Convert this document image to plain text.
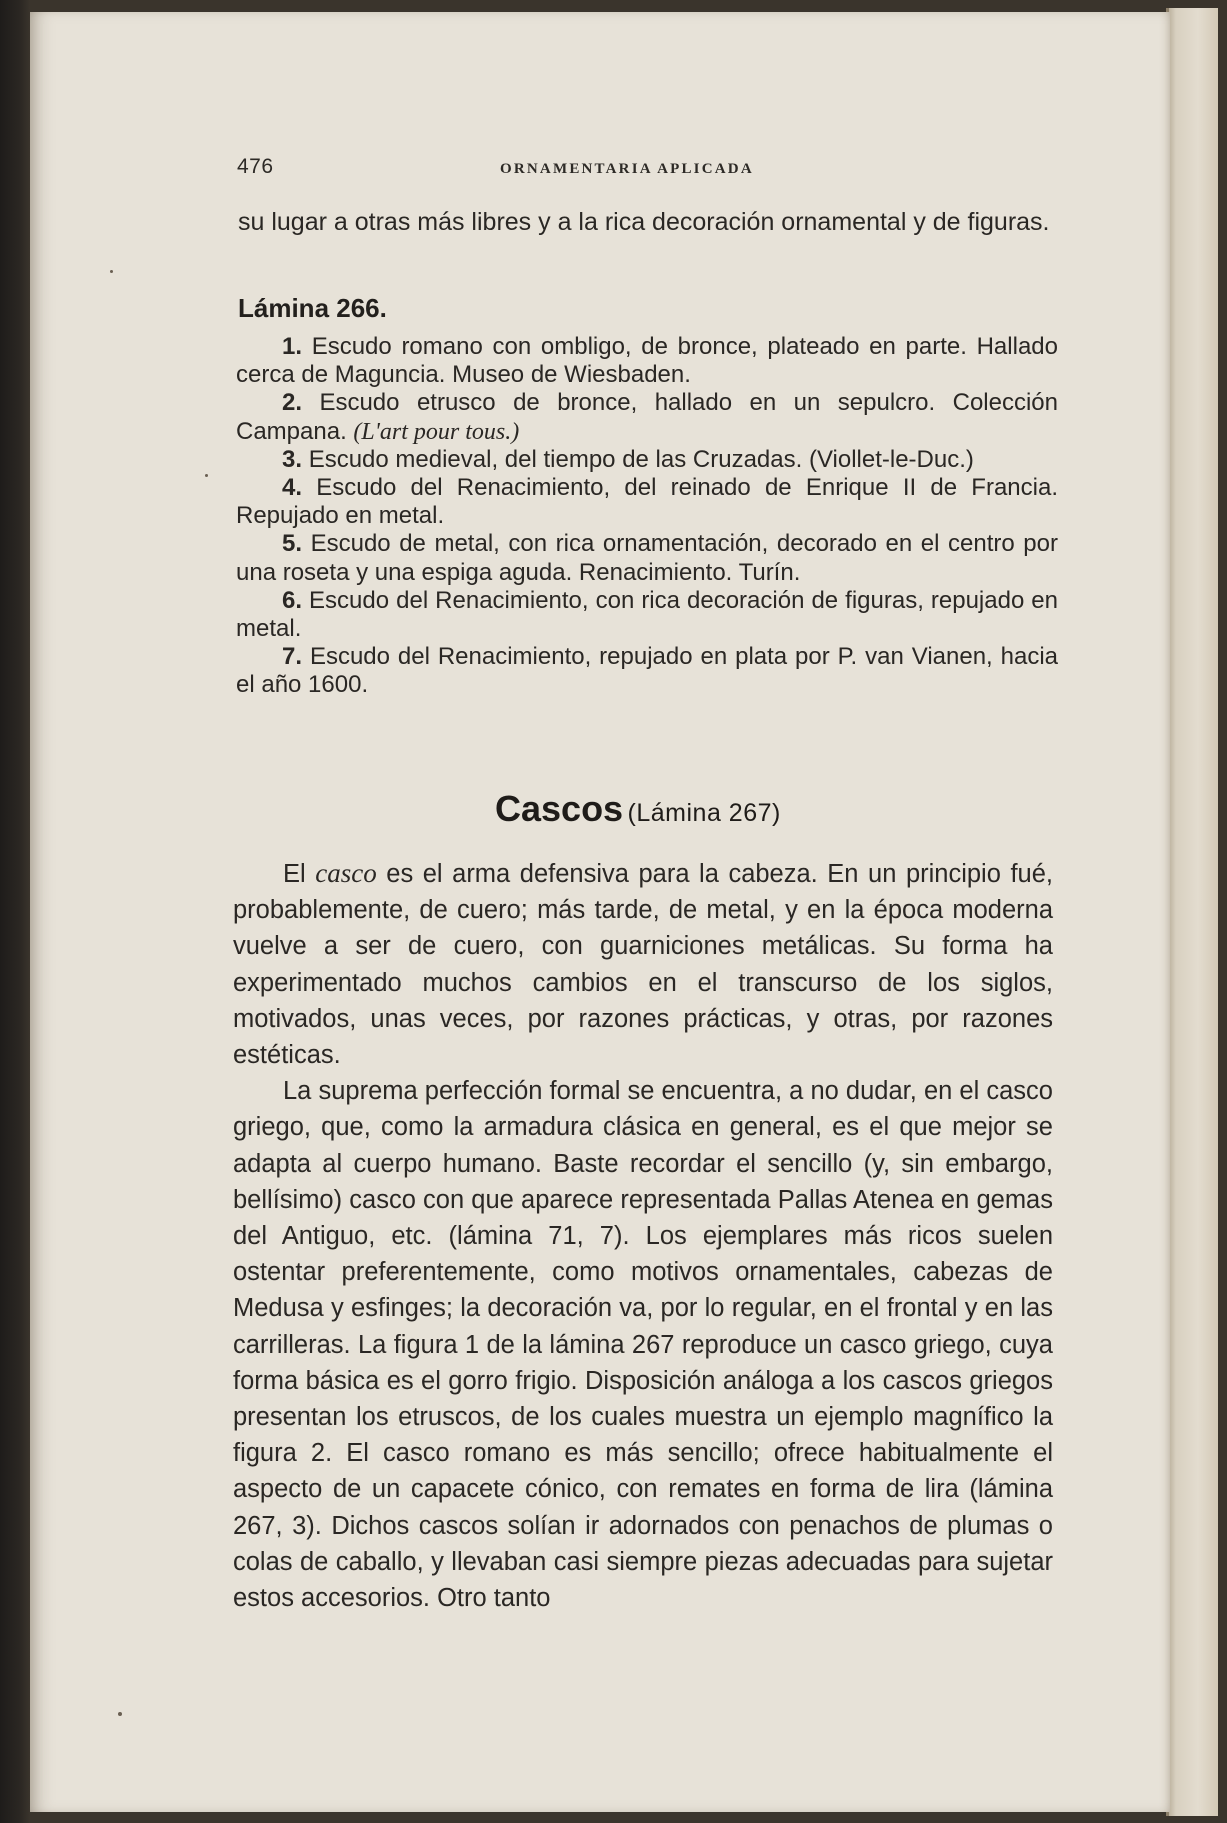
476	ORNAMENTARIA APLICADA
su lugar a otras más libres y a la rica decoración ornamental y de figuras.
Lámina 266.

1. Escudo romano con ombligo, de bronce, plateado en parte. Hallado cerca de Maguncia. Museo de Wiesbaden.

2. Escudo etrusco de bronce, hallado en un sepulcro. Colección Campana. (L'art pour tous.)

3. Escudo medieval, del tiempo de las Cruzadas. (Viollet-le-Duc.)

4. Escudo del Renacimiento, del reinado de Enrique II de Francia. Repujado en metal.

5. Escudo de metal, con rica ornamentación, decorado en el centro por una roseta y una espiga aguda. Renacimiento. Turín.

6. Escudo del Renacimiento, con rica decoración de figuras, repujado en metal.

7. Escudo del Renacimiento, repujado en plata por P. van Vianen, hacia el año 1600.

Cascos (Lámina 267)

El casco es el arma defensiva para la cabeza. En un principio fué, probablemente, de cuero; más tarde, de metal, y en la época moderna vuelve a ser de cuero, con guarniciones metálicas. Su forma ha experimentado muchos cambios en el transcurso de los siglos, motivados, unas veces, por razones prácticas, y otras, por razones estéticas.

La suprema perfección formal se encuentra, a no dudar, en el casco griego, que, como la armadura clásica en general, es el que mejor se adapta al cuerpo humano. Baste recordar el sencillo (y, sin embargo, bellísimo) casco con que aparece representada Pallas Atenea en gemas del Antiguo, etc. (lámina 71, 7). Los ejemplares más ricos suelen ostentar preferentemente, como motivos ornamentales, cabezas de Medusa y esfinges; la decoración va, por lo regular, en el frontal y en las carrilleras. La figura 1 de la lámina 267 reproduce un casco griego, cuya forma básica es el gorro frigio. Disposición análoga a los cascos griegos presentan los etruscos, de los cuales muestra un ejemplo magnífico la figura 2. El casco romano es más sencillo; ofrece habitualmente el aspecto de un capacete cónico, con remates en forma de lira (lámina 267, 3). Dichos cascos solían ir adornados con penachos de plumas o colas de caballo, y llevaban casi siempre piezas adecuadas para sujetar estos accesorios. Otro tanto
